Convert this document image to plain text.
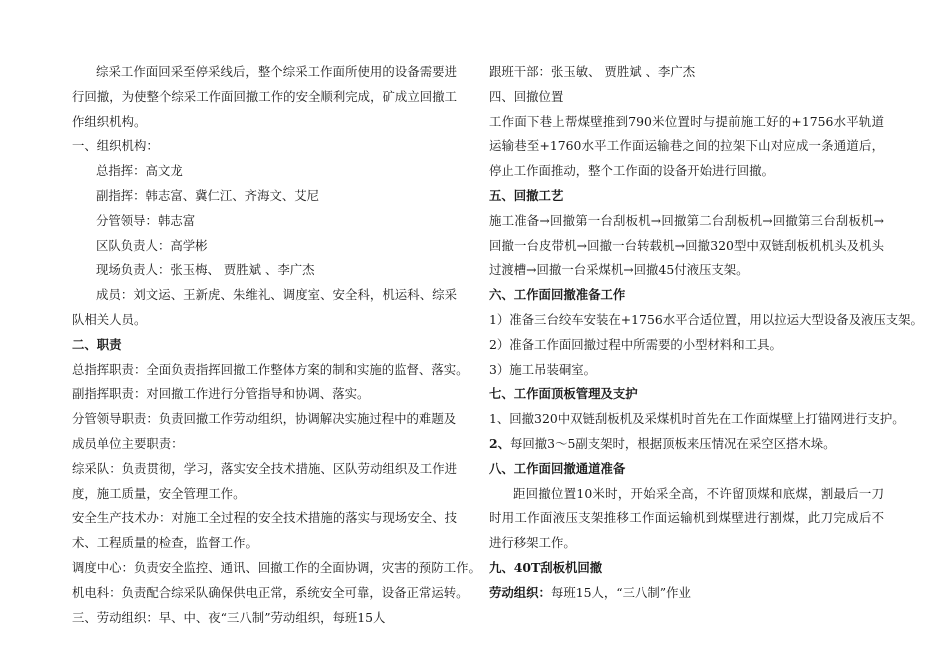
综采工作面回采至停采线后，整个综采工作面所使用的设备需要进行回撤，为使整个综采工作面回撤工作的安全顺利完成，矿成立回撤工作组织机构。
一、组织机构：
总指挥：高文龙
副指挥：韩志富、冀仁江、齐海文、艾尼
分管领导：韩志富
区队负责人：高学彬
现场负责人：张玉梅、 贾胜斌 、李广杰
成员：刘文运、王新虎、朱维礼、调度室、安全科，机运科、综采队相关人员。
二、职责
总指挥职责：全面负责指挥回撤工作整体方案的制和实施的监督、落实。
副指挥职责：对回撤工作进行分管指导和协调、落实。
分管领导职责：负责回撤工作劳动组织，协调解决实施过程中的难题及
成员单位主要职责：
综采队：负责贯彻，学习，落实安全技术措施、区队劳动组织及工作进度，施工质量，安全管理工作。
安全生产技术办：对施工全过程的安全技术措施的落实与现场安全、技术、工程质量的检查，监督工作。
调度中心：负责安全监控、通讯、回撤工作的全面协调，灾害的预防工作。
机电科：负责配合综采队确保供电正常，系统安全可靠，设备正常运转。
三、劳动组织：早、中、夜“三八制”劳动组织，每班15人
跟班干部：张玉敏、 贾胜斌 、李广杰
四、回撤位置
工作面下巷上帮煤壁推到790米位置时与提前施工好的+1756水平轨道运输巷至+1760水平工作面运输巷之间的拉架下山对应成一条通道后，停止工作面推动，整个工作面的设备开始进行回撤。
五、回撤工艺
施工准备→回撤第一台刮板机→回撤第二台刮板机→回撤第三台刮板机→回撤一台皮带机→回撤一台转载机→回撤320型中双链刮板机机头及机头过渡槽→回撤一台采煤机→回撤45付液压支架。
六、工作面回撤准备工作
1）准备三台绞车安装在+1756水平合适位置，用以拉运大型设备及液压支架。
2）准备工作面回撤过程中所需要的小型材料和工具。
3）施工吊装硐室。
七、工作面顶板管理及支护
1、回撤320中双链刮板机及采煤机时首先在工作面煤壁上打锚网进行支护。
2、每回撤3～5副支架时，根据顶板来压情况在采空区搭木垛。
八、工作面回撤通道准备
距回撤位置10米时，开始采全高，不许留顶煤和底煤，割最后一刀时用工作面液压支架推移工作面运输机到煤壁进行割煤，此刀完成后不进行移架工作。
九、40T刮板机回撤
劳动组织：每班15人，“三八制”作业
